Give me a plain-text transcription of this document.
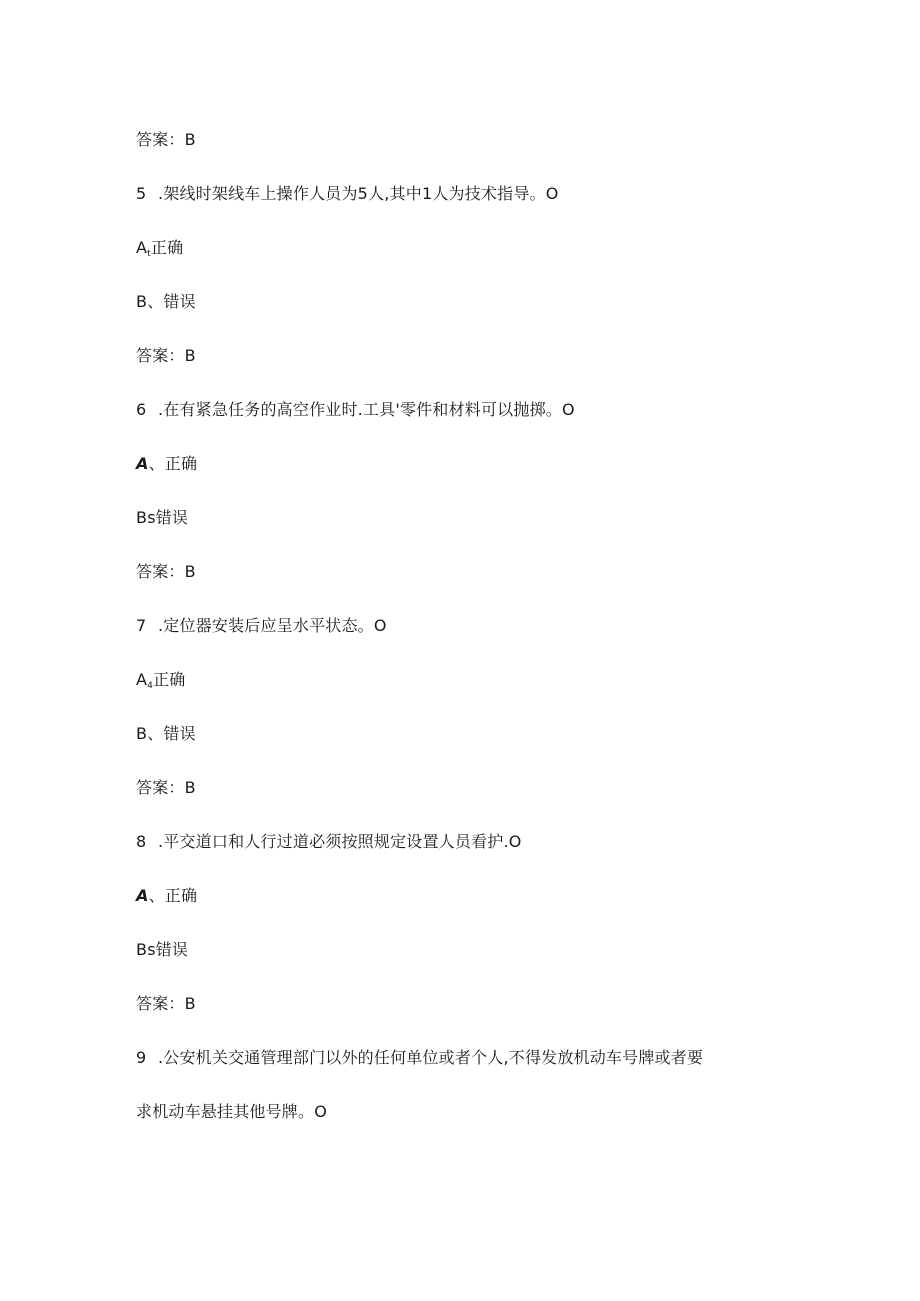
答案：B
5 .架线时架线车上操作人员为5人,其中1人为技术指导。O
$A_t$正确
B、错误
答案：B
6 .在有紧急任务的高空作业时.工具'零件和材料可以抛掷。O
A、正确
Bs错误
答案：B
7 .定位器安装后应呈水平状态。O
$A_4$正确
B、错误
答案：B
8 .平交道口和人行过道必须按照规定设置人员看护.O
A、正确
Bs错误
答案：B
9 .公安机关交通管理部门以外的任何单位或者个人,不得发放机动车号牌或者要
求机动车悬挂其他号牌。O
